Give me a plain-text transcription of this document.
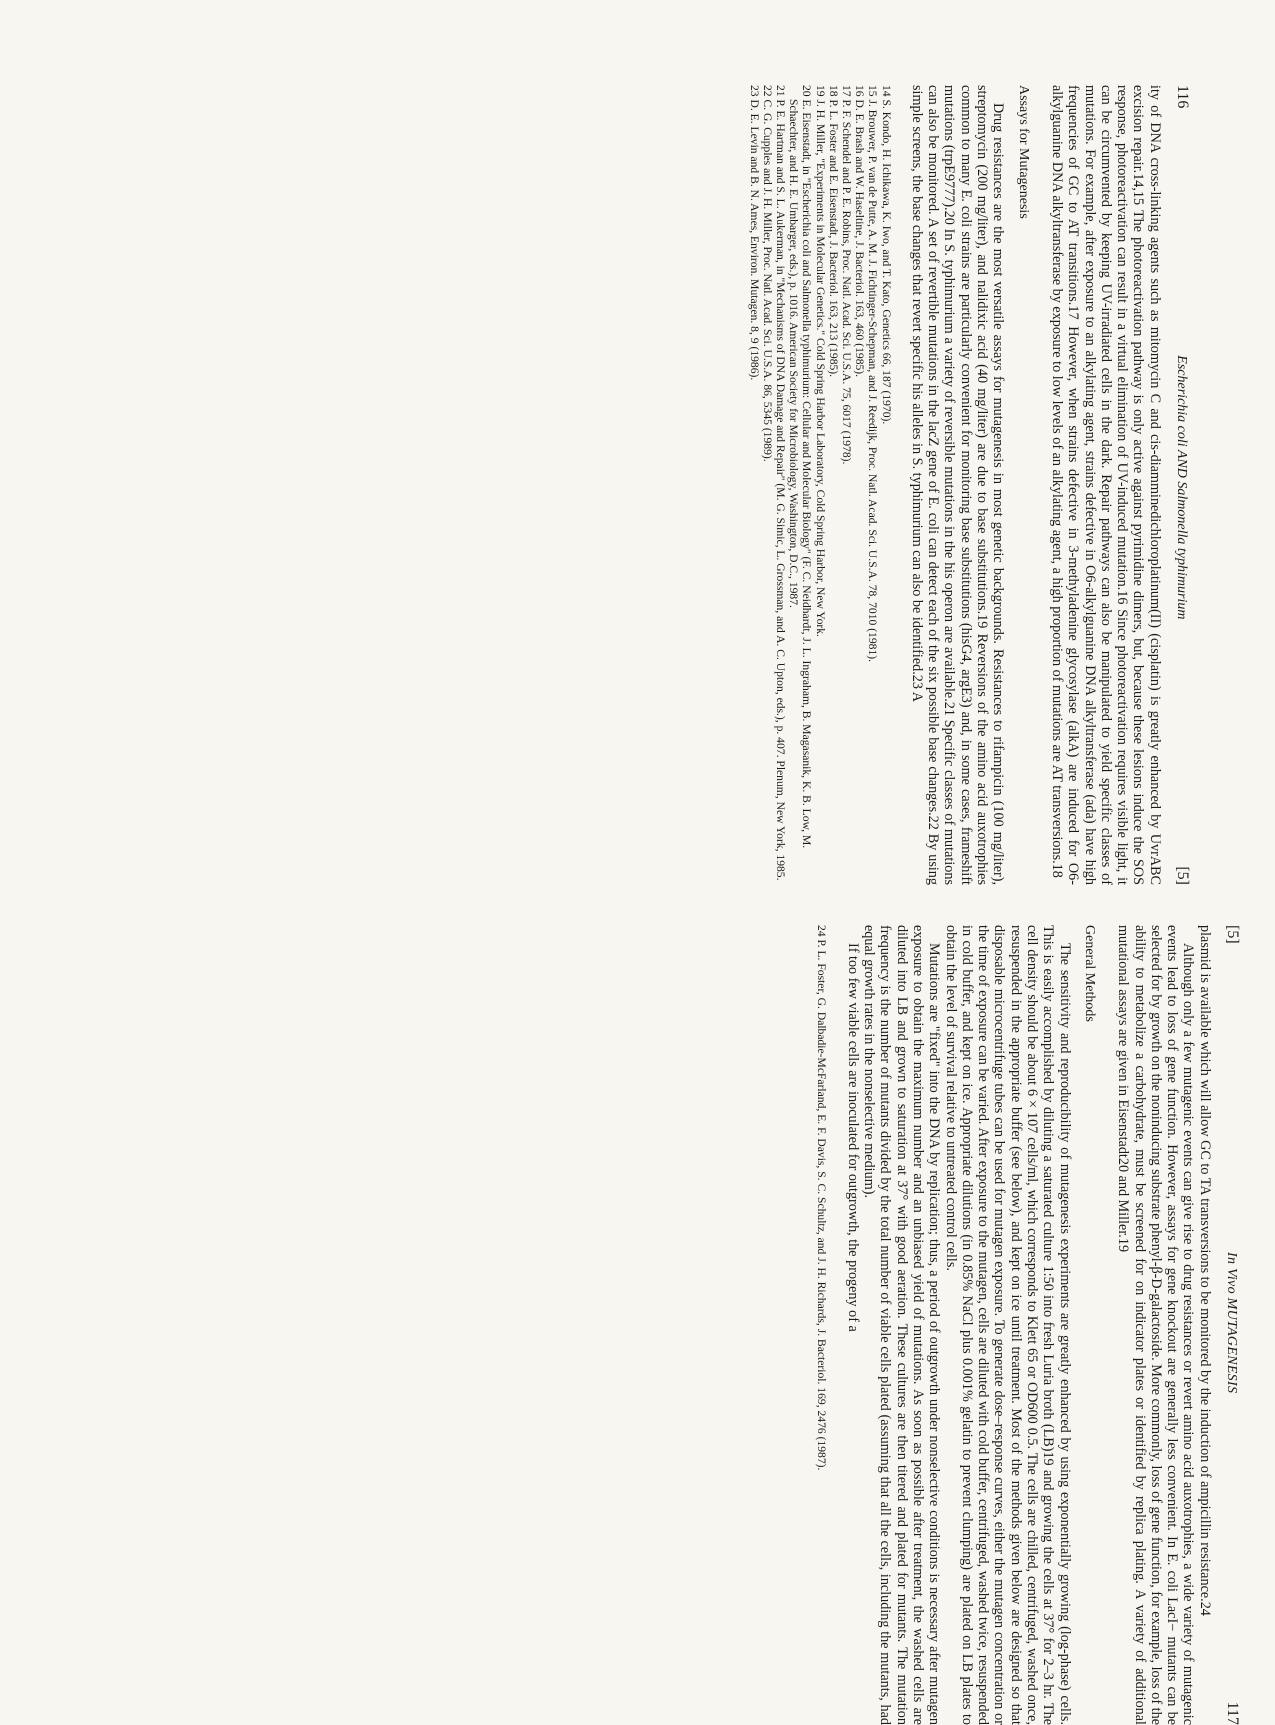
116
Escherichia coli AND Salmonella typhimurium
[5]

ity of DNA cross-linking agents such as mitomycin C and cis-diamminedichloroplatinum(II) (cisplatin) is greatly enhanced by UvrABC excision repair.14,15 The photoreactivation pathway is only active against pyrimidine dimers, but, because these lesions induce the SOS response, photoreactivation can result in a virtual elimination of UV-induced mutation.16 Since photoreactivation requires visible light, it can be circumvented by keeping UV-irradiated cells in the dark. Repair pathways can also be manipulated to yield specific classes of mutations. For example, after exposure to an alkylating agent, strains defective in O6-alkylguanine DNA alkyltransferase (ada) have high frequencies of GC to AT transitions.17 However, when strains defective in 3-methyladenine glycosylase (alkA) are induced for O6-alkylguanine DNA alkyltransferase by exposure to low levels of an alkylating agent, a high proportion of mutations are AT transversions.18

Assays for Mutagenesis

Drug resistances are the most versatile assays for mutagenesis in most genetic backgrounds. Resistances to rifampicin (100 mg/liter), streptomycin (200 mg/liter), and nalidixic acid (40 mg/liter) are due to base substitutions.19 Reversions of the amino acid auxotrophies common to many E. coli strains are particularly convenient for monitoring base substitutions (hisG4, argE3) and, in some cases, frameshift mutations (trpE9777).20 In S. typhimurium a variety of reversible mutations in the his operon are available.21 Specific classes of mutations can also be monitored. A set of revertible mutations in the lacZ gene of E. coli can detect each of the six possible base changes.22 By using simple screens, the base changes that revert specific his alleles in S. typhimurium can also be identified.23 A

14 S. Kondo, H. Ichikawa, K. Iwo, and T. Kato, Genetics 66, 187 (1970).

15 J. Brouwer, P. van de Putte, A. M. J. Fichtinger-Schepman, and J. Reedijk, Proc. Natl. Acad. Sci. U.S.A. 78, 7010 (1981).

16 D. E. Brash and W. Haseltine, J. Bacteriol. 163, 460 (1985).

17 P. F. Schendel and P. E. Robins, Proc. Natl. Acad. Sci. U.S.A. 75, 6017 (1978).

18 P. L. Foster and E. Eisenstadt, J. Bacteriol. 163, 213 (1985).

19 J. H. Miller, "Experiments in Molecular Genetics." Cold Spring Harbor Laboratory, Cold Spring Harbor, New York.

20 E. Eisenstadt, in "Escherichia coli and Salmonella typhimurium: Cellular and Molecular Biology" (F. C. Neidhardt, J. L. Ingraham, B. Magasanik, K. B. Low, M. Schaechter, and H. E. Umbarger, eds.), p. 1016. American Society for Microbiology, Washington, D.C., 1987.

21 P. E. Hartman and S. L. Aukerman, in "Mechanisms of DNA Damage and Repair" (M. G. Simic, L. Grossman, and A. C. Upton, eds.), p. 407. Plenum, New York, 1985.

22 C. G. Cupples and J. H. Miller, Proc. Natl. Acad. Sci. U.S.A. 86, 5345 (1989).

23 D. E. Levin and B. N. Ames, Environ. Mutagen. 8, 9 (1986).

[5]
In Vivo MUTAGENESIS
117

plasmid is available which will allow GC to TA transversions to be monitored by the induction of ampicillin resistance.24

Although only a few mutagenic events can give rise to drug resistances or revert amino acid auxotrophies, a wide variety of mutagenic events lead to loss of gene function. However, assays for gene knockout are generally less convenient. In E. coli LacI− mutants can be selected for by growth on the noninducing substrate phenyl-β-D-galactoside. More commonly, loss of gene function, for example, loss of the ability to metabolize a carbohydrate, must be screened for on indicator plates or identified by replica plating. A variety of additional mutational assays are given in Eisenstadt20 and Miller.19

General Methods

The sensitivity and reproducibility of mutagenesis experiments are greatly enhanced by using exponentially growing (log-phase) cells. This is easily accomplished by diluting a saturated culture 1:50 into fresh Luria broth (LB)19 and growing the cells at 37° for 2–3 hr. The cell density should be about 6 × 107 cells/ml, which corresponds to Klett 65 or OD600 0.5. The cells are chilled, centrifuged, washed once, resuspended in the appropriate buffer (see below), and kept on ice until treatment. Most of the methods given below are designed so that disposable microcentrifuge tubes can be used for mutagen exposure. To generate dose–response curves, either the mutagen concentration or the time of exposure can be varied. After exposure to the mutagen, cells are diluted with cold buffer, centrifuged, washed twice, resuspended in cold buffer, and kept on ice. Appropriate dilutions (in 0.85% NaCl plus 0.001% gelatin to prevent clumping) are plated on LB plates to obtain the level of survival relative to untreated control cells.

Mutations are "fixed" into the DNA by replication; thus, a period of outgrowth under nonselective conditions is necessary after mutagen exposure to obtain the maximum number and an unbiased yield of mutations. As soon as possible after treatment, the washed cells are diluted into LB and grown to saturation at 37° with good aeration. These cultures are then titered and plated for mutants. The mutation frequency is the number of mutants divided by the total number of viable cells plated (assuming that all the cells, including the mutants, had equal growth rates in the nonselective medium).

If too few viable cells are inoculated for outgrowth, the progeny of a

24 P. L. Foster, G. Dalbadie-McFarland, E. F. Davis, S. C. Schultz, and J. H. Richards, J. Bacteriol. 169, 2476 (1987).
